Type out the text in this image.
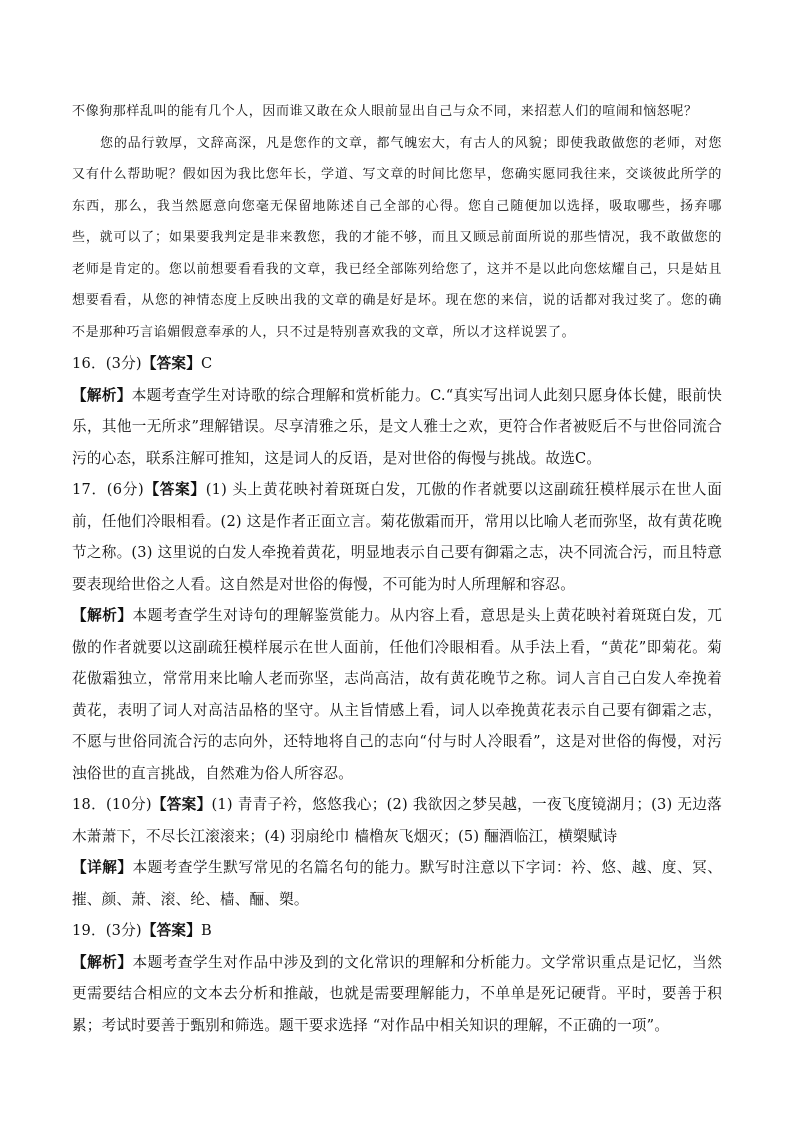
不像狗那样乱叫的能有几个人，因而谁又敢在众人眼前显出自己与众不同，来招惹人们的喧闹和恼怒呢？

您的品行敦厚，文辞高深，凡是您作的文章，都气魄宏大，有古人的风貌；即使我敢做您的老师，对您又有什么帮助呢？假如因为我比您年长，学道、写文章的时间比您早，您确实愿同我往来，交谈彼此所学的东西，那么，我当然愿意向您毫无保留地陈述自己全部的心得。您自己随便加以选择，吸取哪些，扬弃哪些，就可以了；如果要我判定是非来教您，我的才能不够，而且又顾忌前面所说的那些情况，我不敢做您的老师是肯定的。您以前想要看看我的文章，我已经全部陈列给您了，这并不是以此向您炫耀自己，只是姑且想要看看，从您的神情态度上反映出我的文章的确是好是坏。现在您的来信，说的话都对我过奖了。您的确不是那种巧言谄媚假意奉承的人，只不过是特别喜欢我的文章，所以才这样说罢了。

16．(3分)【答案】C

【解析】本题考查学生对诗歌的综合理解和赏析能力。C.“真实写出词人此刻只愿身体长健，眼前快乐，其他一无所求”理解错误。尽享清雅之乐，是文人雅士之欢，更符合作者被贬后不与世俗同流合污的心态，联系注解可推知，这是词人的反语，是对世俗的侮慢与挑战。故选C。

17．(6分)【答案】(1) 头上黄花映衬着斑斑白发，兀傲的作者就要以这副疏狂模样展示在世人面前，任他们冷眼相看。(2) 这是作者正面立言。菊花傲霜而开，常用以比喻人老而弥坚，故有黄花晚节之称。(3) 这里说的白发人牵挽着黄花，明显地表示自己要有御霜之志，决不同流合污，而且特意要表现给世俗之人看。这自然是对世俗的侮慢，不可能为时人所理解和容忍。

【解析】本题考查学生对诗句的理解鉴赏能力。从内容上看，意思是头上黄花映衬着斑斑白发，兀傲的作者就要以这副疏狂模样展示在世人面前，任他们冷眼相看。从手法上看，“黄花”即菊花。菊花傲霜独立，常常用来比喻人老而弥坚，志尚高洁，故有黄花晚节之称。词人言自己白发人牵挽着黄花，表明了词人对高洁品格的坚守。从主旨情感上看，词人以牵挽黄花表示自己要有御霜之志，不愿与世俗同流合污的志向外，还特地将自己的志向“付与时人冷眼看”，这是对世俗的侮慢，对污浊俗世的直言挑战，自然难为俗人所容忍。

18．(10分)【答案】(1) 青青子衿，悠悠我心；(2) 我欲因之梦吴越，一夜飞度镜湖月；(3) 无边落木萧萧下，不尽长江滚滚来；(4) 羽扇纶巾 樯橹灰飞烟灭；(5) 酾酒临江，横槊赋诗

【详解】本题考查学生默写常见的名篇名句的能力。默写时注意以下字词：衿、悠、越、度、冥、摧、颜、萧、滚、纶、樯、酾、槊。

19．(3分)【答案】B

【解析】本题考查学生对作品中涉及到的文化常识的理解和分析能力。文学常识重点是记忆，当然更需要结合相应的文本去分析和推敲，也就是需要理解能力，不单单是死记硬背。平时，要善于积累；考试时要善于甄别和筛选。题干要求选择 “对作品中相关知识的理解，不正确的一项”。
